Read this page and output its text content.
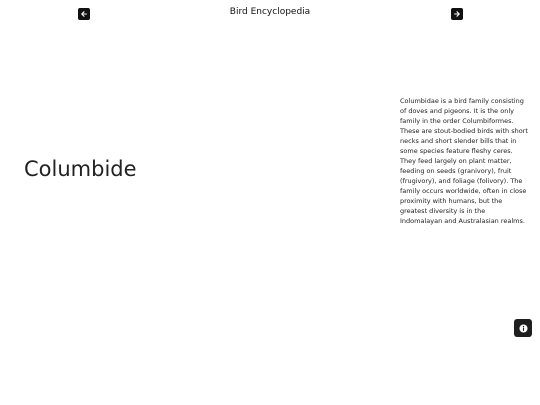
Bird Encyclopedia
Columbide

Columbidae is a bird family consisting of doves and pigeons. It is the only family in the order Columbiformes. These are stout-bodied birds with short necks and short slender bills that in some species feature fleshy ceres. They feed largely on plant matter, feeding on seeds (granivory), fruit (frugivory), and foliage (folivory). The family occurs worldwide, often in close proximity with humans, but the greatest diversity is in the Indomalayan and Australasian realms.
